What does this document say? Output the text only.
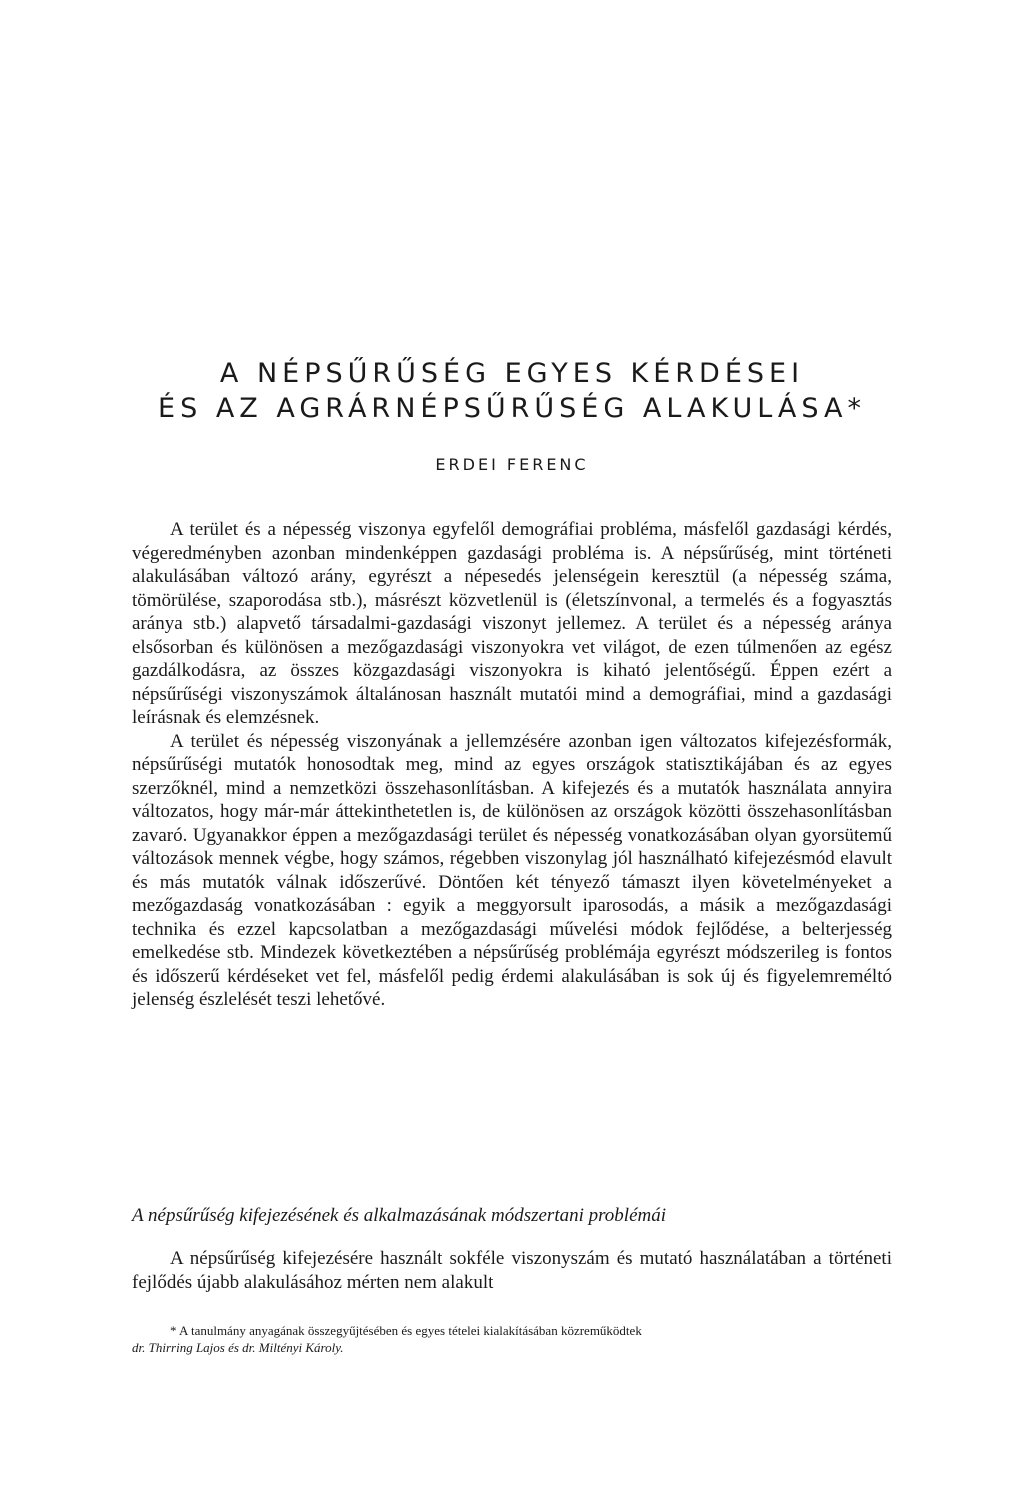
A NÉPSŰRŰSÉG EGYES KÉRDÉSEI
ÉS AZ AGRÁRNÉPSŰRŰSÉG ALAKULÁSA*
ERDEI FERENC

A terület és a népesség viszonya egyfelől demográfiai probléma, másfelől gazdasági kérdés, végeredményben azonban mindenképpen gazdasági probléma is. A népsűrűség, mint történeti alakulásában változó arány, egyrészt a népesedés jelenségein keresztül (a népesség száma, tömörülése, szaporodása stb.), másrészt közvetlenül is (életszínvonal, a termelés és a fogyasztás aránya stb.) alapvető társadalmi-gazdasági viszonyt jellemez. A terület és a népesség aránya elsősorban és különösen a mezőgazdasági viszonyokra vet világot, de ezen túlmenően az egész gazdálkodásra, az összes közgazdasági viszonyokra is kiható jelentőségű. Éppen ezért a népsűrűségi viszonyszámok általánosan használt mutatói mind a demográfiai, mind a gazdasági leírásnak és elemzésnek.

A terület és népesség viszonyának a jellemzésére azonban igen változatos kifejezésformák, népsűrűségi mutatók honosodtak meg, mind az egyes országok statisztikájában és az egyes szerzőknél, mind a nemzetközi összehasonlításban. A kifejezés és a mutatók használata annyira változatos, hogy már-már áttekinthetetlen is, de különösen az országok közötti összehasonlításban zavaró. Ugyanakkor éppen a mezőgazdasági terület és népesség vonatkozásában olyan gyorsütemű változások mennek végbe, hogy számos, régebben viszonylag jól használható kifejezésmód elavult és más mutatók válnak időszerűvé. Döntően két tényező támaszt ilyen követelményeket a mezőgazdaság vonatkozásában : egyik a meggyorsult iparosodás, a másik a mezőgazdasági technika és ezzel kapcsolatban a mezőgazdasági művelési módok fejlődése, a belterjesség emelkedése stb. Mindezek következtében a népsűrűség problémája egyrészt módszerileg is fontos és időszerű kérdéseket vet fel, másfelől pedig érdemi alakulásában is sok új és figyelemreméltó jelenség észlelését teszi lehetővé.

A népsűrűség kifejezésének és alkalmazásának módszertani problémái

A népsűrűség kifejezésére használt sokféle viszonyszám és mutató használatában a történeti fejlődés újabb alakulásához mérten nem alakult

* A tanulmány anyagának összegyűjtésében és egyes tételei kialakításában közreműködtek
dr. Thirring Lajos és dr. Miltényi Károly.
